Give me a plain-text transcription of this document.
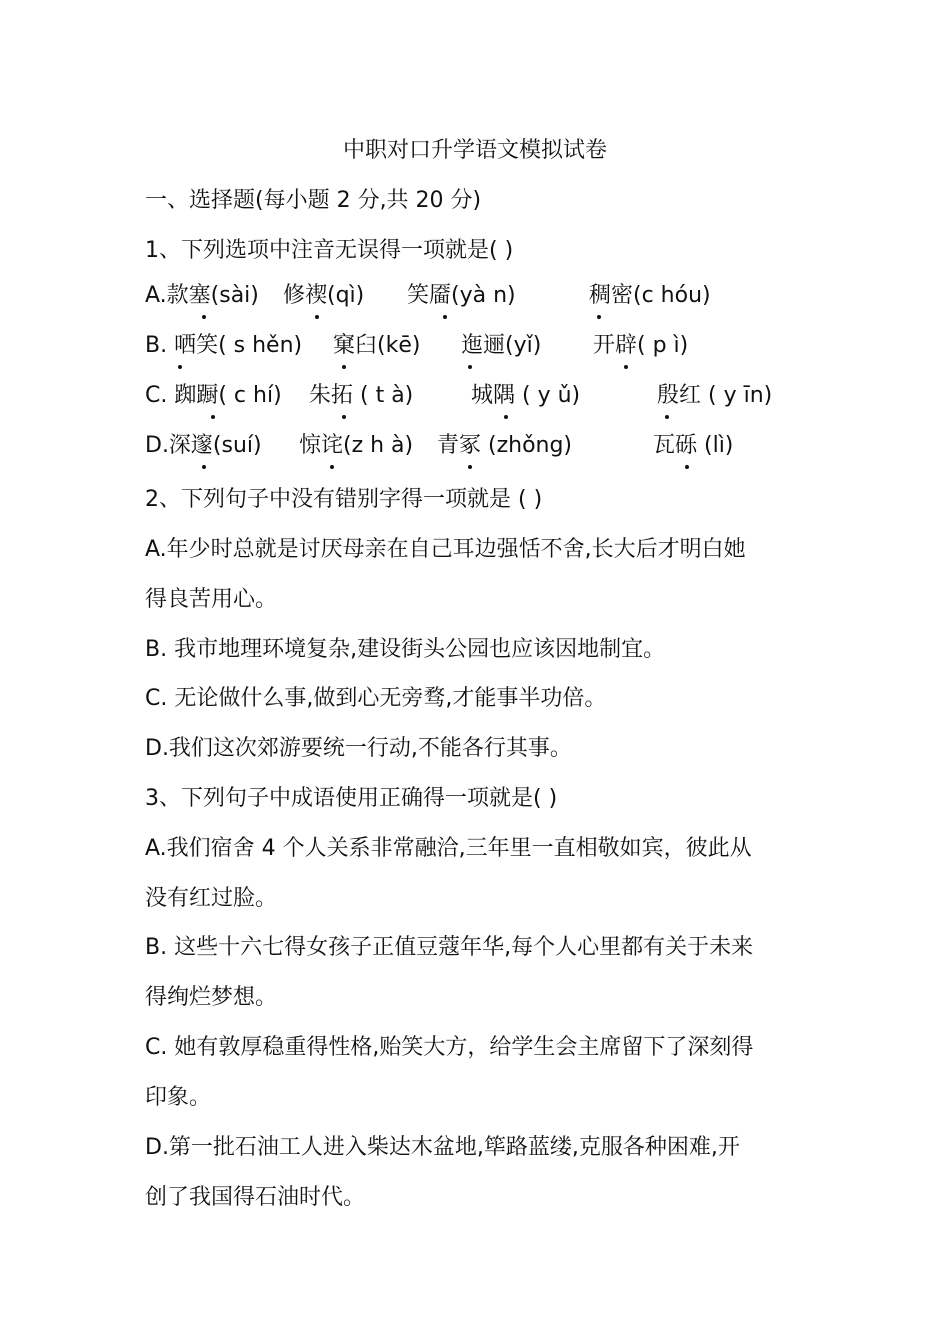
中职对口升学语文模拟试卷
一、选择题(每小题 2 分,共 20 分)
1、下列选项中注音无误得一项就是( )
A.款塞(sài) 修禊(qì) 笑靥(yà n)	稠密(c hóu)
B. 哂笑( s hěn) 窠臼(kē) 迤逦(yǐ) 开辟( p ì)
C. 踟蹰( c hí) 朱拓 ( t à)	城隅 ( y ǔ)	殷红 ( y īn)
D.深邃(suí) 惊诧(z h à) 青冢 (zhǒng)	瓦砾 (lì)
2、下列句子中没有错别字得一项就是 ( )
A.年少时总就是讨厌母亲在自己耳边强恬不舍,长大后才明白她
得良苦用心。
B. 我市地理环境复杂,建设街头公园也应该因地制宜。
C. 无论做什么事,做到心无旁骛,才能事半功倍。
D.我们这次郊游要统一行动,不能各行其事。
3、下列句子中成语使用正确得一项就是( )
A.我们宿舍 4 个人关系非常融洽,三年里一直相敬如宾，彼此从
没有红过脸。
B. 这些十六七得女孩子正值豆蔻年华,每个人心里都有关于未来
得绚烂梦想。
C. 她有敦厚稳重得性格,贻笑大方，给学生会主席留下了深刻得
印象。
D.第一批石油工人进入柴达木盆地,筚路蓝缕,克服各种困难,开
创了我国得石油时代。
